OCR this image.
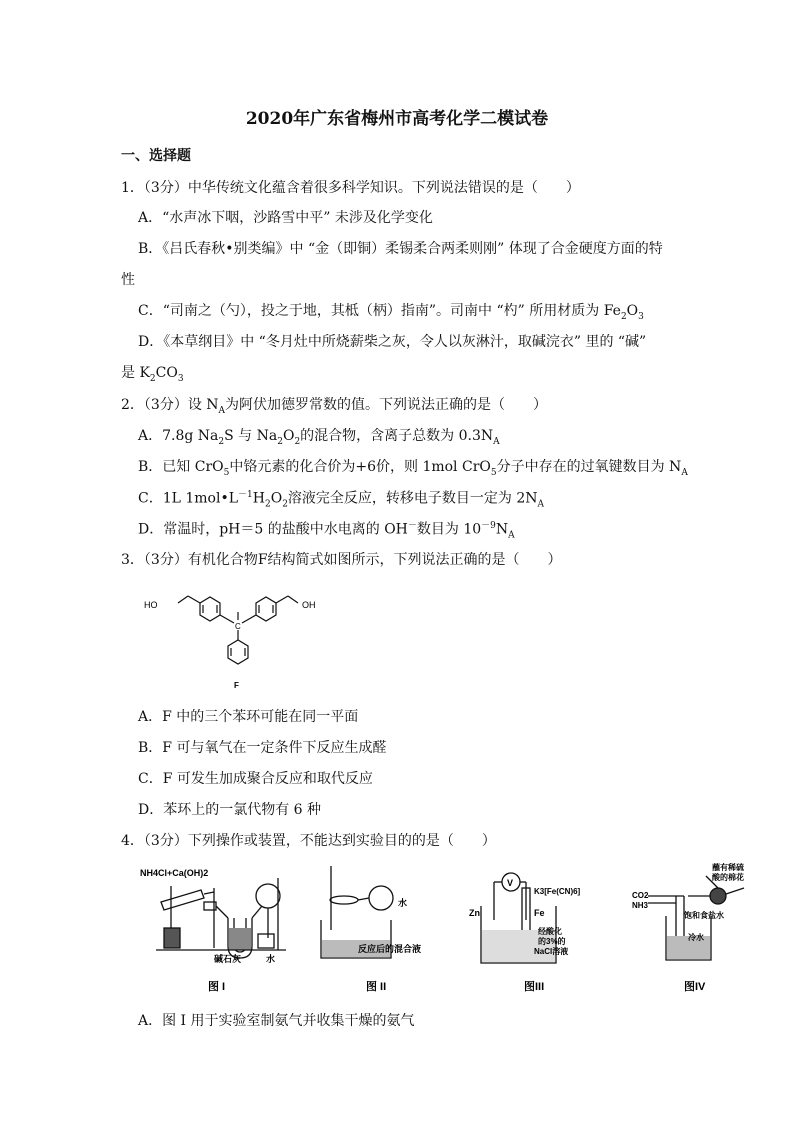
2020年广东省梅州市高考化学二模试卷
一、选择题
1．（3分）中华传统文化蕴含着很多科学知识。下列说法错误的是（　　）
A．“水声冰下咽，沙路雪中平” 未涉及化学变化
B．《吕氏春秋•别类编》中 “金（即铜）柔锡柔合两柔则刚” 体现了合金硬度方面的特
性
C．“司南之（勺），投之于地，其柢（柄）指南”。司南中 “杓” 所用材质为 $Fe_2O_3$
D．《本草纲目》中 “冬月灶中所烧薪柴之灰，令人以灰淋汁，取碱浣衣” 里的 “碱”
是 $K_2CO_3$
2．（3分）设 $N_A$为阿伏加德罗常数的值。下列说法正确的是（　　）
A．7.8g $Na_2S$ 与 $Na_2O_2$的混合物，含离子总数为 $0.3N_A$
B．已知 CrO$_5$中铬元素的化合价为+6价，则 1mol CrO$_5$分子中存在的过氧键数目为 $N_A$
C．1L $1mol•L^{-1}H_2O_2$溶液完全反应，转移电子数目一定为 $2N_A$
D．常温时，pH＝5 的盐酸中水电离的 OH－数目为 $10^{-9}N_A$
3．（3分）有机化合物F结构简式如图所示，下列说法正确的是（　　）
HO	OH
C
F
A．F 中的三个苯环可能在同一平面
B．F 可与氧气在一定条件下反应生成醛
C．F 可发生加成聚合反应和取代反应
D．苯环上的一氯代物有 6 种
4．（3分）下列操作或装置，不能达到实验目的的是（　　）
NH4Cl+Ca(OH)2
碱石灰	水
图 I
水
反应后的混合液
图 II
V
K3[Fe(CN)6]
Zn	Fe
经酸化
的3%的
NaCl溶液
图III
CO2
NH3
蘸有稀硫
酸的棉花
饱和食盐水
冷水
图IV
A．图 I 用于实验室制氨气并收集干燥的氨气
